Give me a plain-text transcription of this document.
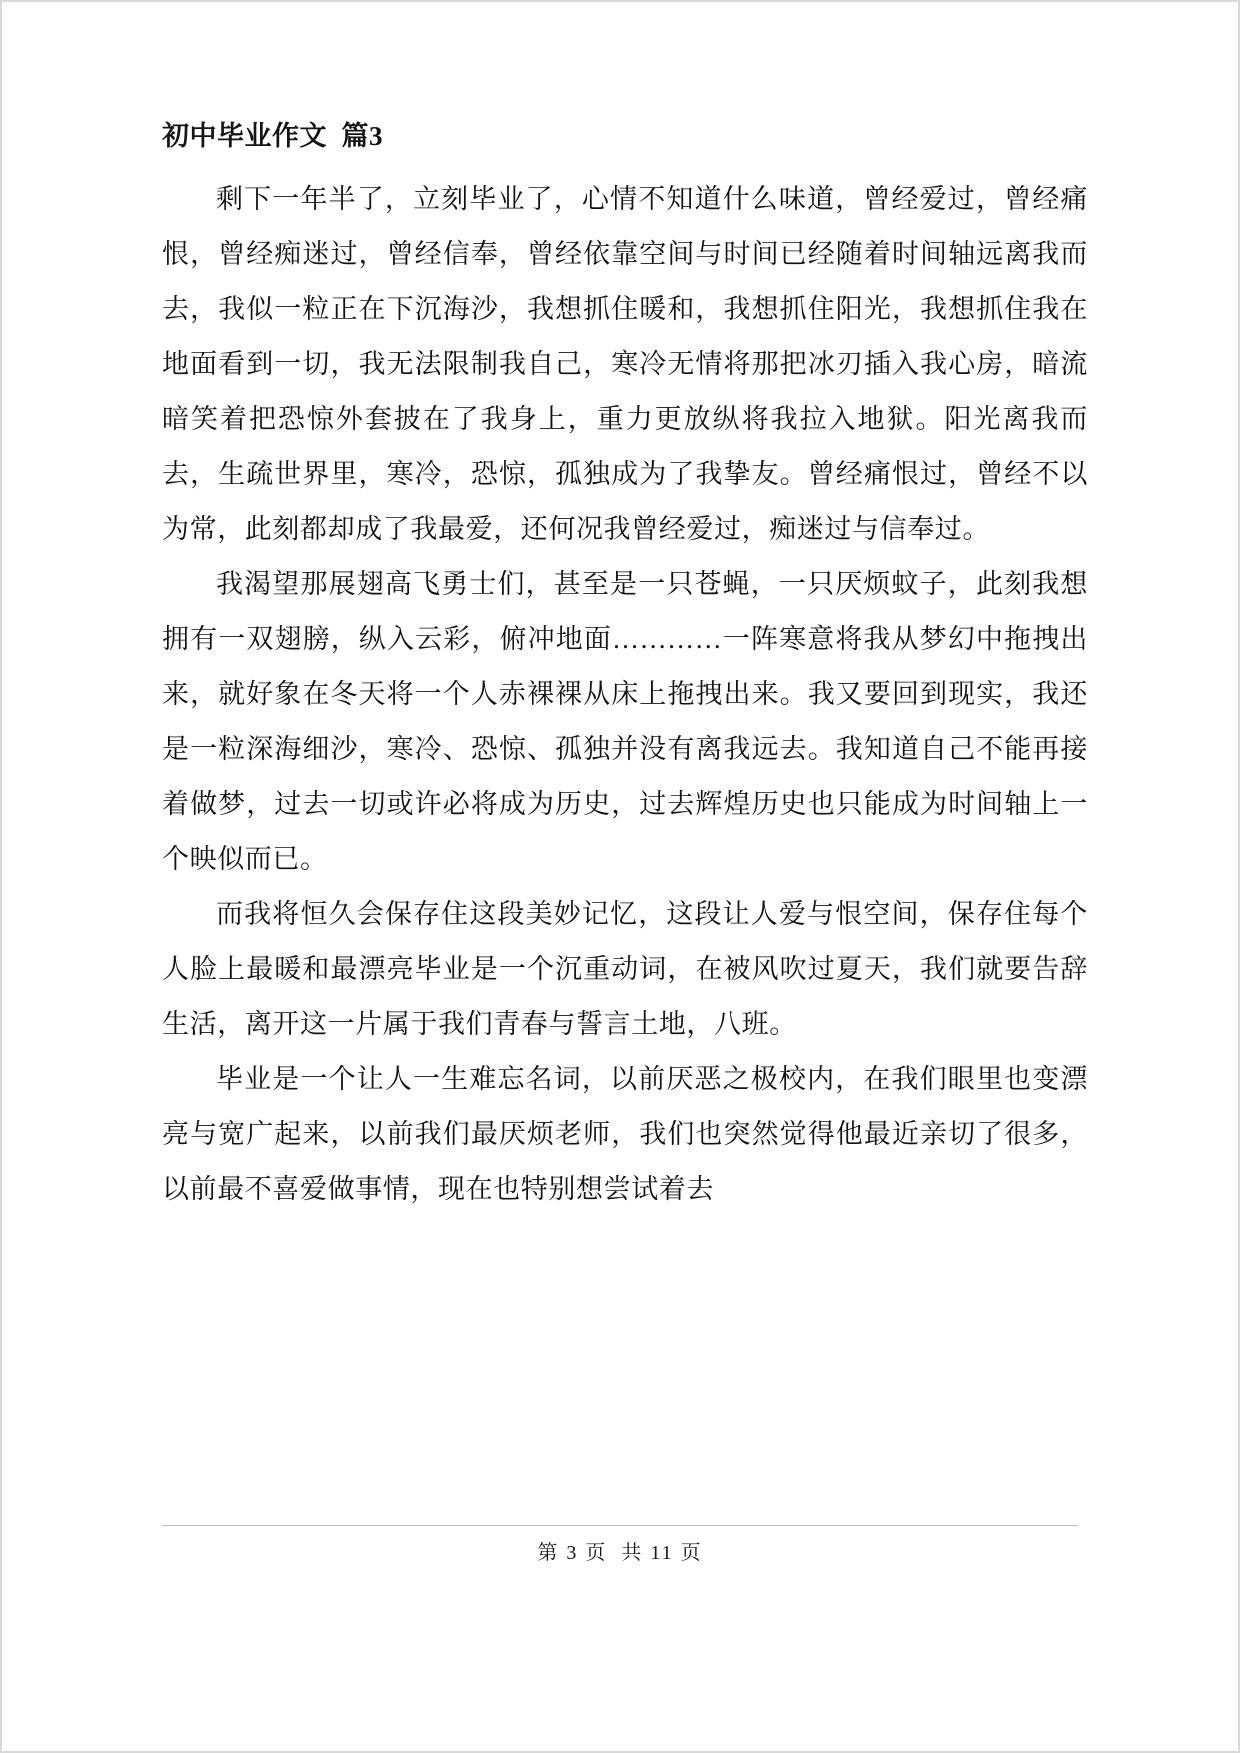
初中毕业作文  篇3

剩下一年半了，立刻毕业了，心情不知道什么味道，曾经爱过，曾经痛恨，曾经痴迷过，曾经信奉，曾经依靠空间与时间已经随着时间轴远离我而去，我似一粒正在下沉海沙，我想抓住暖和，我想抓住阳光，我想抓住我在地面看到一切，我无法限制我自己，寒冷无情将那把冰刃插入我心房，暗流暗笑着把恐惊外套披在了我身上，重力更放纵将我拉入地狱。阳光离我而去，生疏世界里，寒冷，恐惊，孤独成为了我挚友。曾经痛恨过，曾经不以为常，此刻都却成了我最爱，还何况我曾经爱过，痴迷过与信奉过。

我渴望那展翅高飞勇士们，甚至是一只苍蝇，一只厌烦蚊子，此刻我想拥有一双翅膀，纵入云彩，俯冲地面…………一阵寒意将我从梦幻中拖拽出来，就好象在冬天将一个人赤裸裸从床上拖拽出来。我又要回到现实，我还是一粒深海细沙，寒冷、恐惊、孤独并没有离我远去。我知道自己不能再接着做梦，过去一切或许必将成为历史，过去辉煌历史也只能成为时间轴上一个映似而已。

而我将恒久会保存住这段美妙记忆，这段让人爱与恨空间，保存住每个人脸上最暖和最漂亮毕业是一个沉重动词，在被风吹过夏天，我们就要告辞生活，离开这一片属于我们青春与誓言土地，八班。

毕业是一个让人一生难忘名词，以前厌恶之极校内，在我们眼里也变漂亮与宽广起来，以前我们最厌烦老师，我们也突然觉得他最近亲切了很多，以前最不喜爱做事情，现在也特别想尝试着去

第 3 页  共 11 页
